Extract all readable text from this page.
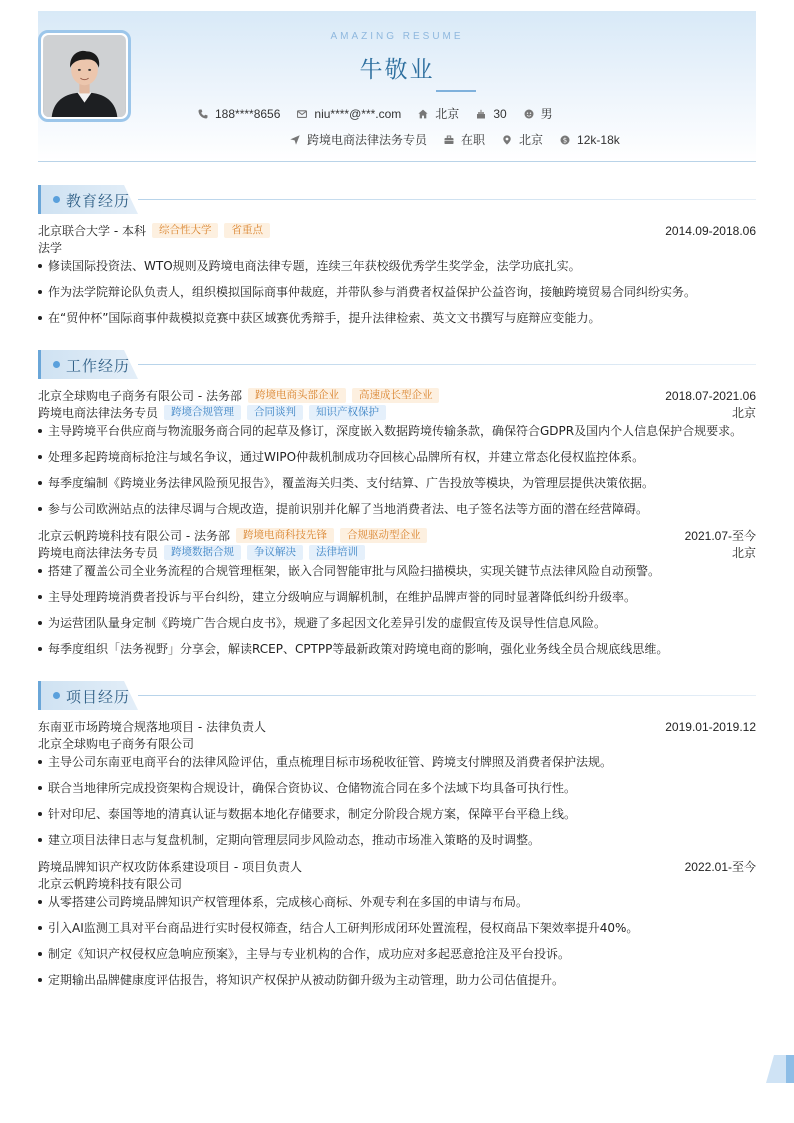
AMAZING RESUME
牛敬业
188****8656	niu****@***.com	北京	30	男
跨境电商法律法务专员	在职	北京	$ 12k-18k
教育经历
北京联合大学 - 本科	综合性大学	省重点	2014.09-2018.06
法学
修读国际投资法、WTO规则及跨境电商法律专题，连续三年获校级优秀学生奖学金，法学功底扎实。
作为法学院辩论队负责人，组织模拟国际商事仲裁庭，并带队参与消费者权益保护公益咨询，接触跨境贸易合同纠纷实务。
在“贸仲杯”国际商事仲裁模拟竞赛中获区域赛优秀辩手，提升法律检索、英文文书撰写与庭辩应变能力。
工作经历
北京全球购电子商务有限公司 - 法务部	跨境电商头部企业	高速成长型企业	2018.07-2021.06
跨境电商法律法务专员	跨境合规管理	合同谈判	知识产权保护	北京
主导跨境平台供应商与物流服务商合同的起草及修订，深度嵌入数据跨境传输条款，确保符合GDPR及国内个人信息保护合规要求。
处理多起跨境商标抢注与域名争议，通过WIPO仲裁机制成功夺回核心品牌所有权，并建立常态化侵权监控体系。
每季度编制《跨境业务法律风险预见报告》，覆盖海关归类、支付结算、广告投放等模块，为管理层提供决策依据。
参与公司欧洲站点的法律尽调与合规改造，提前识别并化解了当地消费者法、电子签名法等方面的潜在经营障碍。
北京云帆跨境科技有限公司 - 法务部	跨境电商科技先锋	合规驱动型企业	2021.07-至今
跨境电商法律法务专员	跨境数据合规	争议解决	法律培训	北京
搭建了覆盖公司全业务流程的合规管理框架，嵌入合同智能审批与风险扫描模块，实现关键节点法律风险自动预警。
主导处理跨境消费者投诉与平台纠纷，建立分级响应与调解机制，在维护品牌声誉的同时显著降低纠纷升级率。
为运营团队量身定制《跨境广告合规白皮书》，规避了多起因文化差异引发的虚假宣传及误导性信息风险。
每季度组织「法务视野」分享会，解读RCEP、CPTPP等最新政策对跨境电商的影响，强化业务线全员合规底线思维。
项目经历
东南亚市场跨境合规落地项目 - 法律负责人	2019.01-2019.12
北京全球购电子商务有限公司
主导公司东南亚电商平台的法律风险评估，重点梳理目标市场税收征管、跨境支付牌照及消费者保护法规。
联合当地律所完成投资架构合规设计，确保合资协议、仓储物流合同在多个法域下均具备可执行性。
针对印尼、泰国等地的清真认证与数据本地化存储要求，制定分阶段合规方案，保障平台平稳上线。
建立项目法律日志与复盘机制，定期向管理层同步风险动态，推动市场准入策略的及时调整。
跨境品牌知识产权攻防体系建设项目 - 项目负责人	2022.01-至今
北京云帆跨境科技有限公司
从零搭建公司跨境品牌知识产权管理体系，完成核心商标、外观专利在多国的申请与布局。
引入AI监测工具对平台商品进行实时侵权筛查，结合人工研判形成闭环处置流程，侵权商品下架效率提升40%。
制定《知识产权侵权应急响应预案》，主导与专业机构的合作，成功应对多起恶意抢注及平台投诉。
定期输出品牌健康度评估报告，将知识产权保护从被动防御升级为主动管理，助力公司估值提升。
